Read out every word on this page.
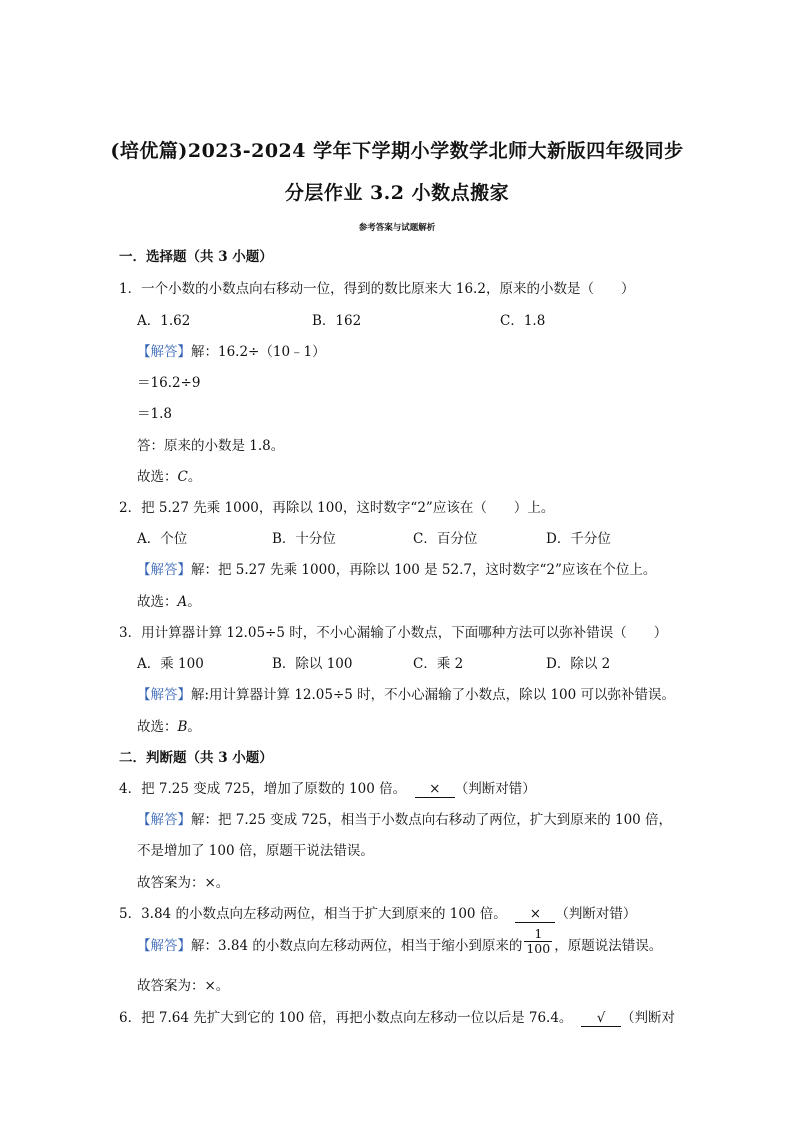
(培优篇)2023-2024 学年下学期小学数学北师大新版四年级同步
分层作业 3.2 小数点搬家
参考答案与试题解析
一．选择题（共 3 小题）
1．一个小数的小数点向右移动一位，得到的数比原来大 16.2，原来的小数是（　　）
A．1.62	B．162	C．1.8
【解答】解：16.2÷（10﹣1）
＝16.2÷9
＝1.8
答：原来的小数是 1.8。
故选：C。
2．把 5.27 先乘 1000，再除以 100，这时数字“2”应该在（　　）上。
A．个位	B．十分位	C．百分位	D．千分位
【解答】解：把 5.27 先乘 1000，再除以 100 是 52.7，这时数字“2”应该在个位上。
故选：A。
3．用计算器计算 12.05÷5 时，不小心漏输了小数点，下面哪种方法可以弥补错误（　　）
A．乘 100	B．除以 100	C．乘 2	D．除以 2
【解答】解:用计算器计算 12.05÷5 时，不小心漏输了小数点，除以 100 可以弥补错误。
故选：B。
二．判断题（共 3 小题）
4．把 7.25 变成 725，增加了原数的 100 倍。 × （判断对错）
【解答】解：把 7.25 变成 725，相当于小数点向右移动了两位，扩大到原来的 100 倍，
不是增加了 100 倍，原题干说法错误。
故答案为：×。
5．3.84 的小数点向左移动两位，相当于扩大到原来的 100 倍。 × （判断对错）
【解答】解：3.84 的小数点向左移动两位，相当于缩小到原来的 $\frac{1}{100}$ ，原题说法错误。
故答案为：×。
6．把 7.64 先扩大到它的 100 倍，再把小数点向左移动一位以后是 76.4。 √ （判断对
